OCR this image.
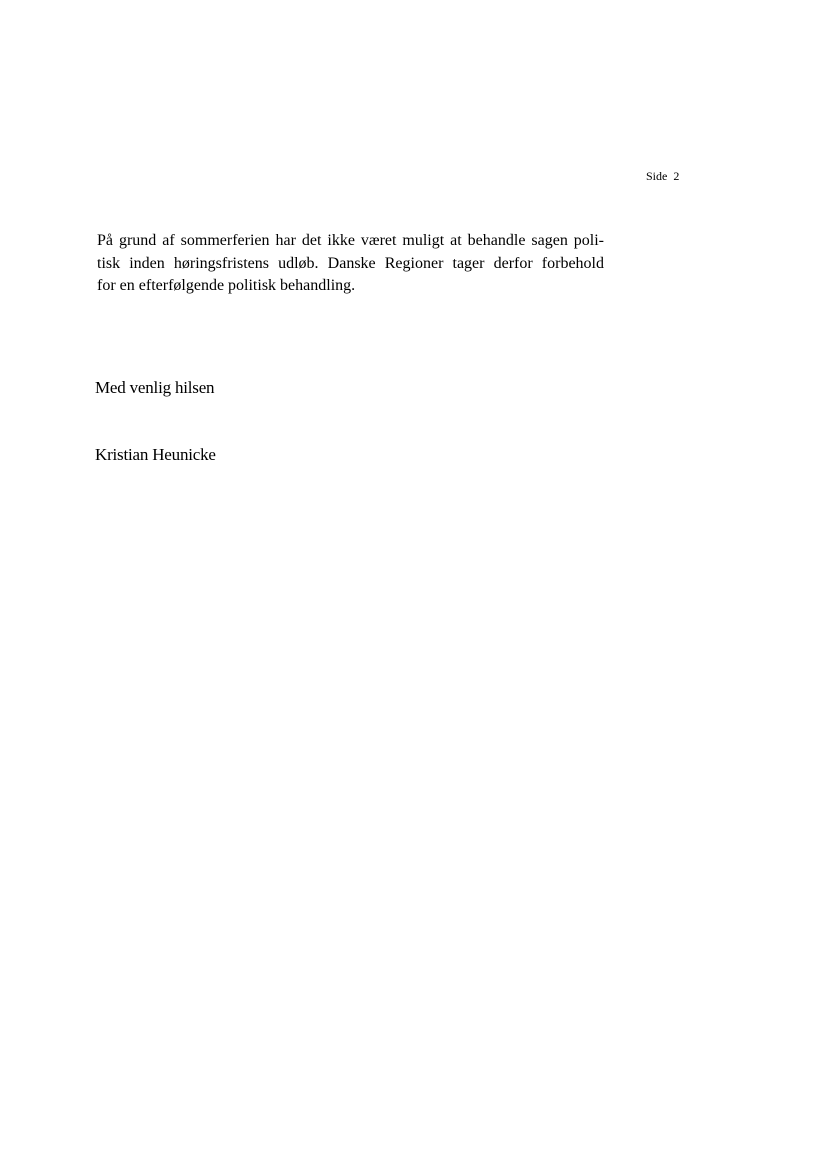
Side 2

På grund af sommerferien har det ikke været muligt at behandle sagen poli-
tisk inden høringsfristens udløb. Danske Regioner tager derfor forbehold
for en efterfølgende politisk behandling.

Med venlig hilsen
Kristian Heunicke
